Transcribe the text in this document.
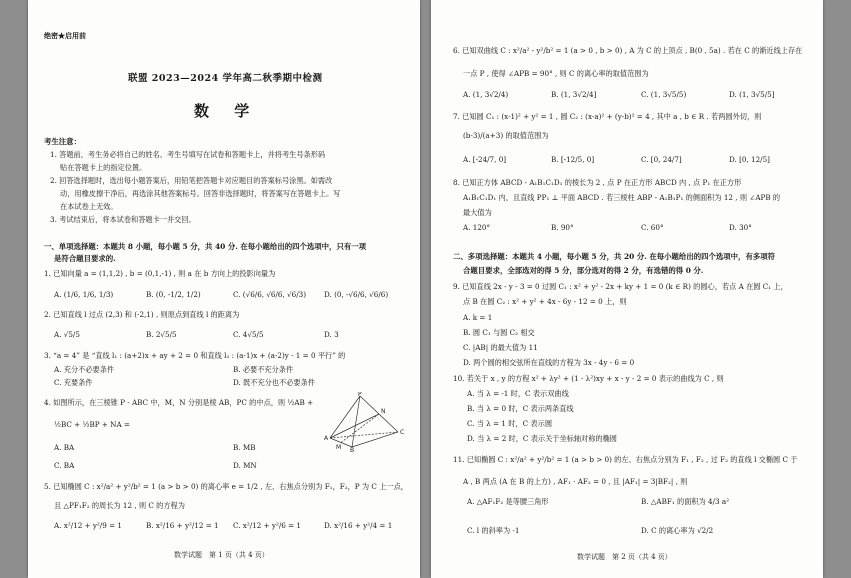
绝密★启用前
联盟 2023—2024 学年高二秋季期中检测
数 学
考生注意：
1. 答题前，考生务必将自己的姓名、考生号填写在试卷和答题卡上，并将考生号条形码
贴在答题卡上的指定位置。
2. 回答选择题时，选出每小题答案后，用铅笔把答题卡对应题目的答案标号涂黑。如需改
动，用橡皮擦干净后，再选涂其他答案标号。回答非选择题时，将答案写在答题卡上。写
在本试卷上无效。
3. 考试结束后，将本试卷和答题卡一并交回。
一、单项选择题：本题共 8 小题，每小题 5 分，共 40 分. 在每小题给出的四个选项中，只有一项
是符合题目要求的.
1. 已知向量 a = (1,1,2) , b = (0,1,-1) , 则 a 在 b 方向上的投影向量为
A. (1/6, 1/6, 1/3)	B. (0, -1/2, 1/2)	C. (√6/6, √6/6, √6/3) D. (0, -√6/6, √6/6)
2. 已知直线 l 过点 (2,3) 和 (-2,1) , 则原点到直线 l 的距离为
A. √5/5	B. 2√5/5	C. 4√5/5	D. 3
3. “a = 4” 是 “直线 l₁ : (a+2)x + ay + 2 = 0 和直线 l₂ : (a-1)x + (a-2)y - 1 = 0 平行” 的
A. 充分不必要条件	B. 必要不充分条件
C. 充要条件	D. 既不充分也不必要条件
4. 如图所示，在三棱锥 P - ABC 中，M，N 分别是棱 AB，PC 的中点，则 ½AB +
½BC + ½BP + NA =
A. BA	B. MB
C. BA	D. MN
P
N
A
M B
C
5. 已知椭圆 C : x²/a² + y²/b² = 1 (a > b > 0) 的离心率 e = 1/2 , 左、右焦点分别为 F₁，F₂，P 为 C 上一点，
且 △PF₁F₂ 的周长为 12 , 则 C 的方程为
A. x²/12 + y²/9 = 1	B. x²/16 + y²/12 = 1 C. x²/12 + y²/6 = 1	D. x²/16 + y²/4 = 1
数学试题　第 1 页（共 4 页）
6. 已知双曲线 C : x²/a² - y²/b² = 1 (a > 0 , b > 0) , A 为 C 的上顶点 , B(0 , 5a) . 若在 C 的渐近线上存在
一点 P , 使得 ∠APB = 90° , 则 C 的离心率的取值范围为
A. (1, 3√2/4)	B. (1, 3√2/4]	C. (1, 3√5/5)	D. (1, 3√5/5]
7. 已知圆 C₁ : (x-1)² + y² = 1 , 圆 C₂ : (x-a)² + (y-b)² = 4 , 其中 a , b ∈ R . 若两圆外切，则
(b-3)/(a+3) 的取值范围为
A. [-24/7, 0]	B. [-12/5, 0]	C. [0, 24/7]	D. [0, 12/5]
8. 已知正方体 ABCD - A₁B₁C₁D₁ 的棱长为 2 , 点 P 在正方形 ABCD 内 , 点 P₁ 在正方形
A₁B₁C₁D₁ 内，且直线 PP₁ ⊥ 平面 ABCD . 若三棱柱 ABP - A₁B₁P₁ 的侧面积为 12 , 则 ∠APB 的
最大值为
A. 120°	B. 90°	C. 60°	D. 30°
二、多项选择题：本题共 4 小题，每小题 5 分，共 20 分. 在每小题给出的四个选项中，有多项符
合题目要求，全部选对的得 5 分，部分选对的得 2 分，有选错的得 0 分.
9. 已知直线 2x - y - 3 = 0 过圆 C₁ : x² + y² - 2x + ky + 1 = 0 (k ∈ R) 的圆心，若点 A 在圆 C₁ 上，
点 B 在圆 C₂ : x² + y² + 4x - 6y - 12 = 0 上，则
A. k = 1
B. 圆 C₁ 与圆 C₂ 相交
C. |AB| 的最大值为 11
D. 两个圆的相交弦所在直线的方程为 3x - 4y - 6 = 0
10. 若关于 x , y 的方程 x² + λy² + (1 - λ²)xy + x - y - 2 = 0 表示的曲线为 C , 则
A. 当 λ = -1 时，C 表示双曲线
B. 当 λ = 0 时，C 表示两条直线
C. 当 λ = 1 时，C 表示圆
D. 当 λ = 2 时，C 表示关于坐标轴对称的椭圆
11. 已知椭圆 C : x²/a² + y²/b² = 1 (a > b > 0) 的左、右焦点分别为 F₁ , F₂ , 过 F₂ 的直线 l 交椭圆 C 于
A , B 两点 (A 在 B 的上方) , AF₁ · AF₂ = 0 , 且 |AF₁| = 3|BF₂| , 则
A. △AF₁F₂ 是等腰三角形	B. △ABF₁ 的面积为 4/3 a²
C. l 的斜率为 -1	D. C 的离心率为 √2/2
数学试题　第 2 页（共 4 页）
